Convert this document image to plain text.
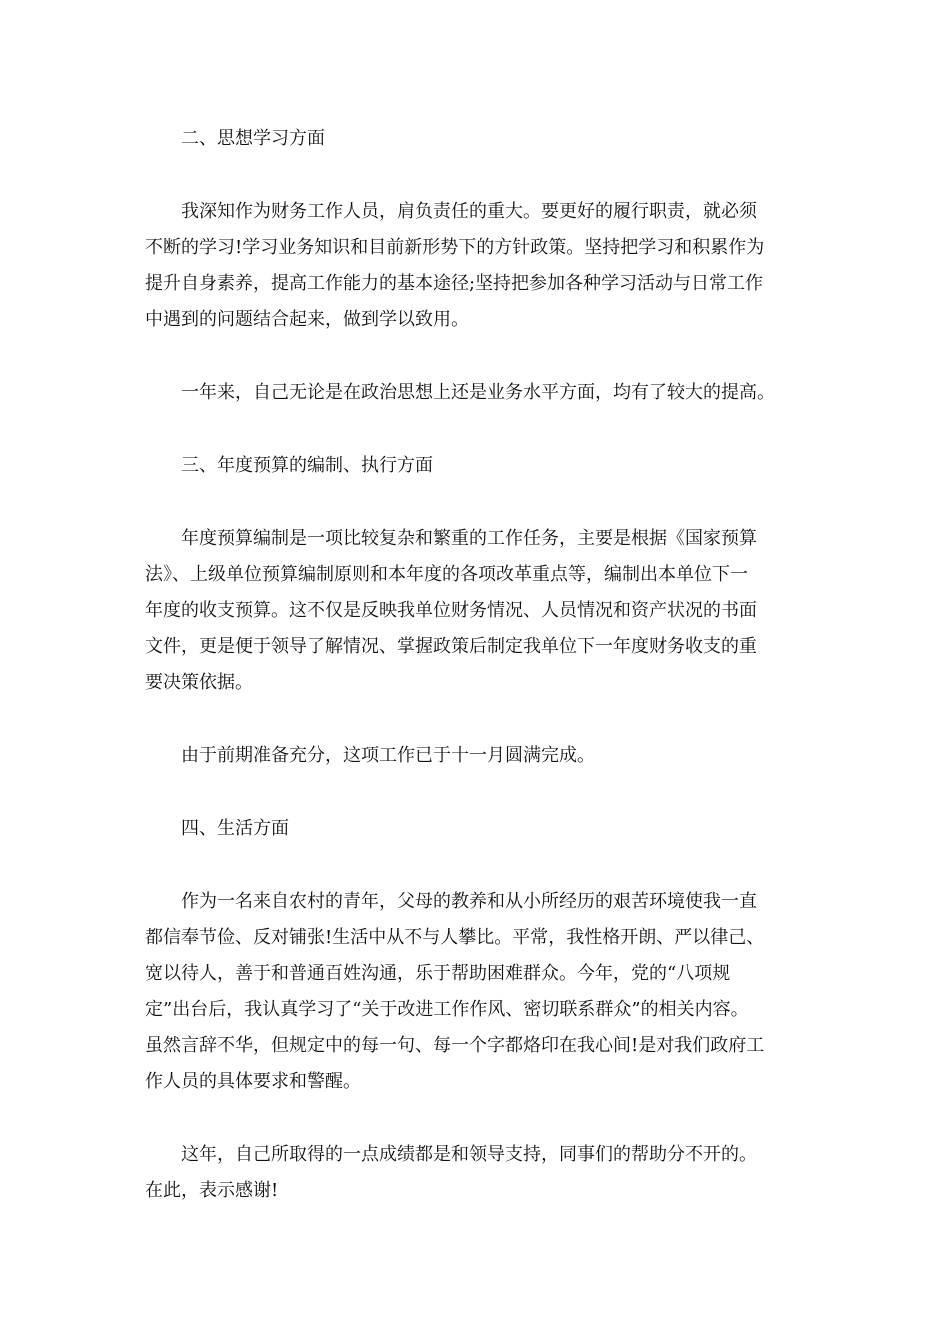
二、思想学习方面

我深知作为财务工作人员，肩负责任的重大。要更好的履行职责，就必须
不断的学习!学习业务知识和目前新形势下的方针政策。坚持把学习和积累作为
提升自身素养，提高工作能力的基本途径;坚持把参加各种学习活动与日常工作
中遇到的问题结合起来，做到学以致用。

一年来，自己无论是在政治思想上还是业务水平方面，均有了较大的提高。

三、年度预算的编制、执行方面

年度预算编制是一项比较复杂和繁重的工作任务，主要是根据《国家预算
法》、上级单位预算编制原则和本年度的各项改革重点等，编制出本单位下一
年度的收支预算。这不仅是反映我单位财务情况、人员情况和资产状况的书面
文件，更是便于领导了解情况、掌握政策后制定我单位下一年度财务收支的重
要决策依据。

由于前期准备充分，这项工作已于十一月圆满完成。

四、生活方面

作为一名来自农村的青年，父母的教养和从小所经历的艰苦环境使我一直
都信奉节俭、反对铺张!生活中从不与人攀比。平常，我性格开朗、严以律己、
宽以待人，善于和普通百姓沟通，乐于帮助困难群众。今年，党的“八项规
定”出台后，我认真学习了“关于改进工作作风、密切联系群众”的相关内容。
虽然言辞不华，但规定中的每一句、每一个字都烙印在我心间!是对我们政府工
作人员的具体要求和警醒。

这年，自己所取得的一点成绩都是和领导支持，同事们的帮助分不开的。
在此，表示感谢!
